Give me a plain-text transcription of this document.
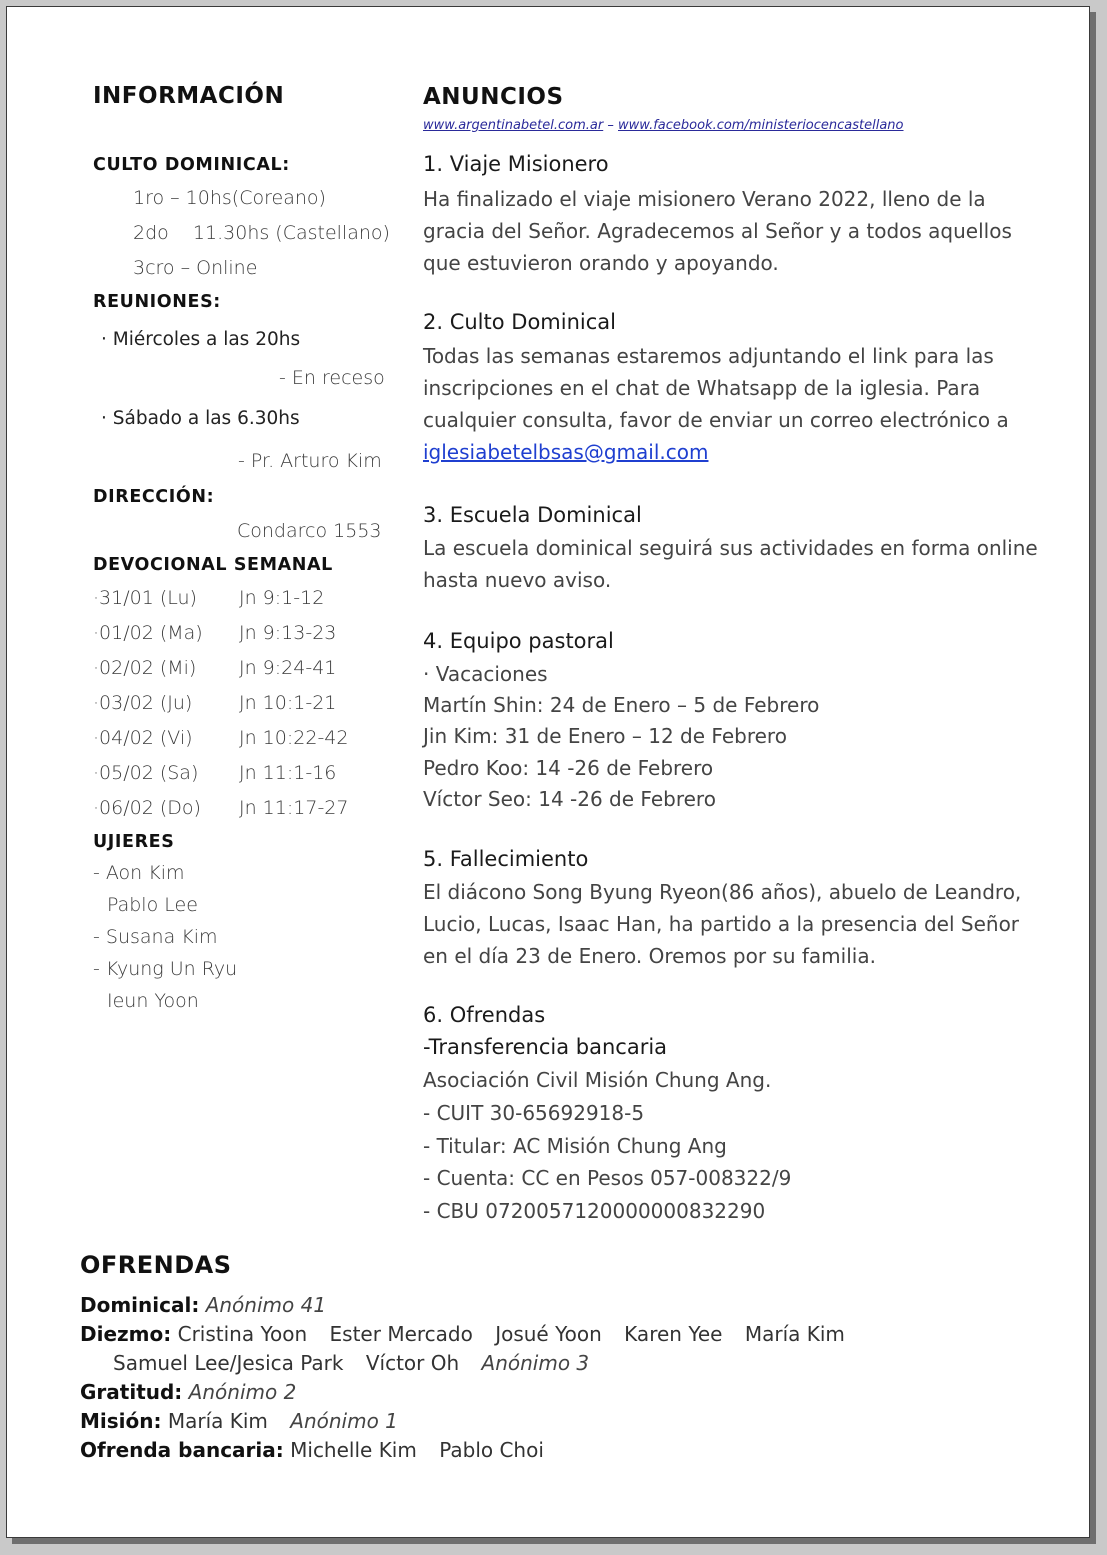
INFORMACIÓN
CULTO DOMINICAL:
1ro – 10hs(Coreano)
2do    11.30hs (Castellano)
3cro – Online
REUNIONES:
· Miércoles a las 20hs
- En receso
· Sábado a las 6.30hs
- Pr. Arturo Kim
DIRECCIÓN:
Condarco 1553
DEVOCIONAL SEMANAL
·31/01 (Lu) Jn 9:1-12
·01/02 (Ma) Jn 9:13-23
·02/02 (Mi) Jn 9:24-41
·03/02 (Ju) Jn 10:1-21
·04/02 (Vi) Jn 10:22-42
·05/02 (Sa) Jn 11:1-16
·06/02 (Do) Jn 11:17-27
UJIERES
- Aon Kim
Pablo Lee
- Susana Kim
- Kyung Un Ryu
Ieun Yoon
ANUNCIOS
www.argentinabetel.com.ar – www.facebook.com/ministeriocencastellano
1. Viaje Misionero
Ha finalizado el viaje misionero Verano 2022, lleno de la gracia del Señor. Agradecemos al Señor y a todos aquellos que estuvieron orando y apoyando.
2. Culto Dominical
Todas las semanas estaremos adjuntando el link para las inscripciones en el chat de Whatsapp de la iglesia. Para cualquier consulta, favor de enviar un correo electrónico a iglesiabetelbsas@gmail.com
3. Escuela Dominical
La escuela dominical seguirá sus actividades en forma online hasta nuevo aviso.
4. Equipo pastoral
· Vacaciones
Martín Shin: 24 de Enero – 5 de Febrero
Jin Kim: 31 de Enero – 12 de Febrero
Pedro Koo: 14 -26 de Febrero
Víctor Seo: 14 -26 de Febrero
5. Fallecimiento
El diácono Song Byung Ryeon(86 años), abuelo de Leandro, Lucio, Lucas, Isaac Han, ha partido a la presencia del Señor en el día 23 de Enero. Oremos por su familia.
6. Ofrendas
-Transferencia bancaria
Asociación Civil Misión Chung Ang.
- CUIT 30-65692918-5
- Titular: AC Misión Chung Ang
- Cuenta: CC en Pesos 057-008322/9
- CBU 0720057120000000832290
OFRENDAS
Dominical: Anónimo 41
Diezmo: Cristina Yoon Ester Mercado Josué Yoon Karen Yee María Kim
Samuel Lee/Jesica Park Víctor Oh Anónimo 3
Gratitud: Anónimo 2
Misión: María Kim Anónimo 1
Ofrenda bancaria: Michelle Kim Pablo Choi
